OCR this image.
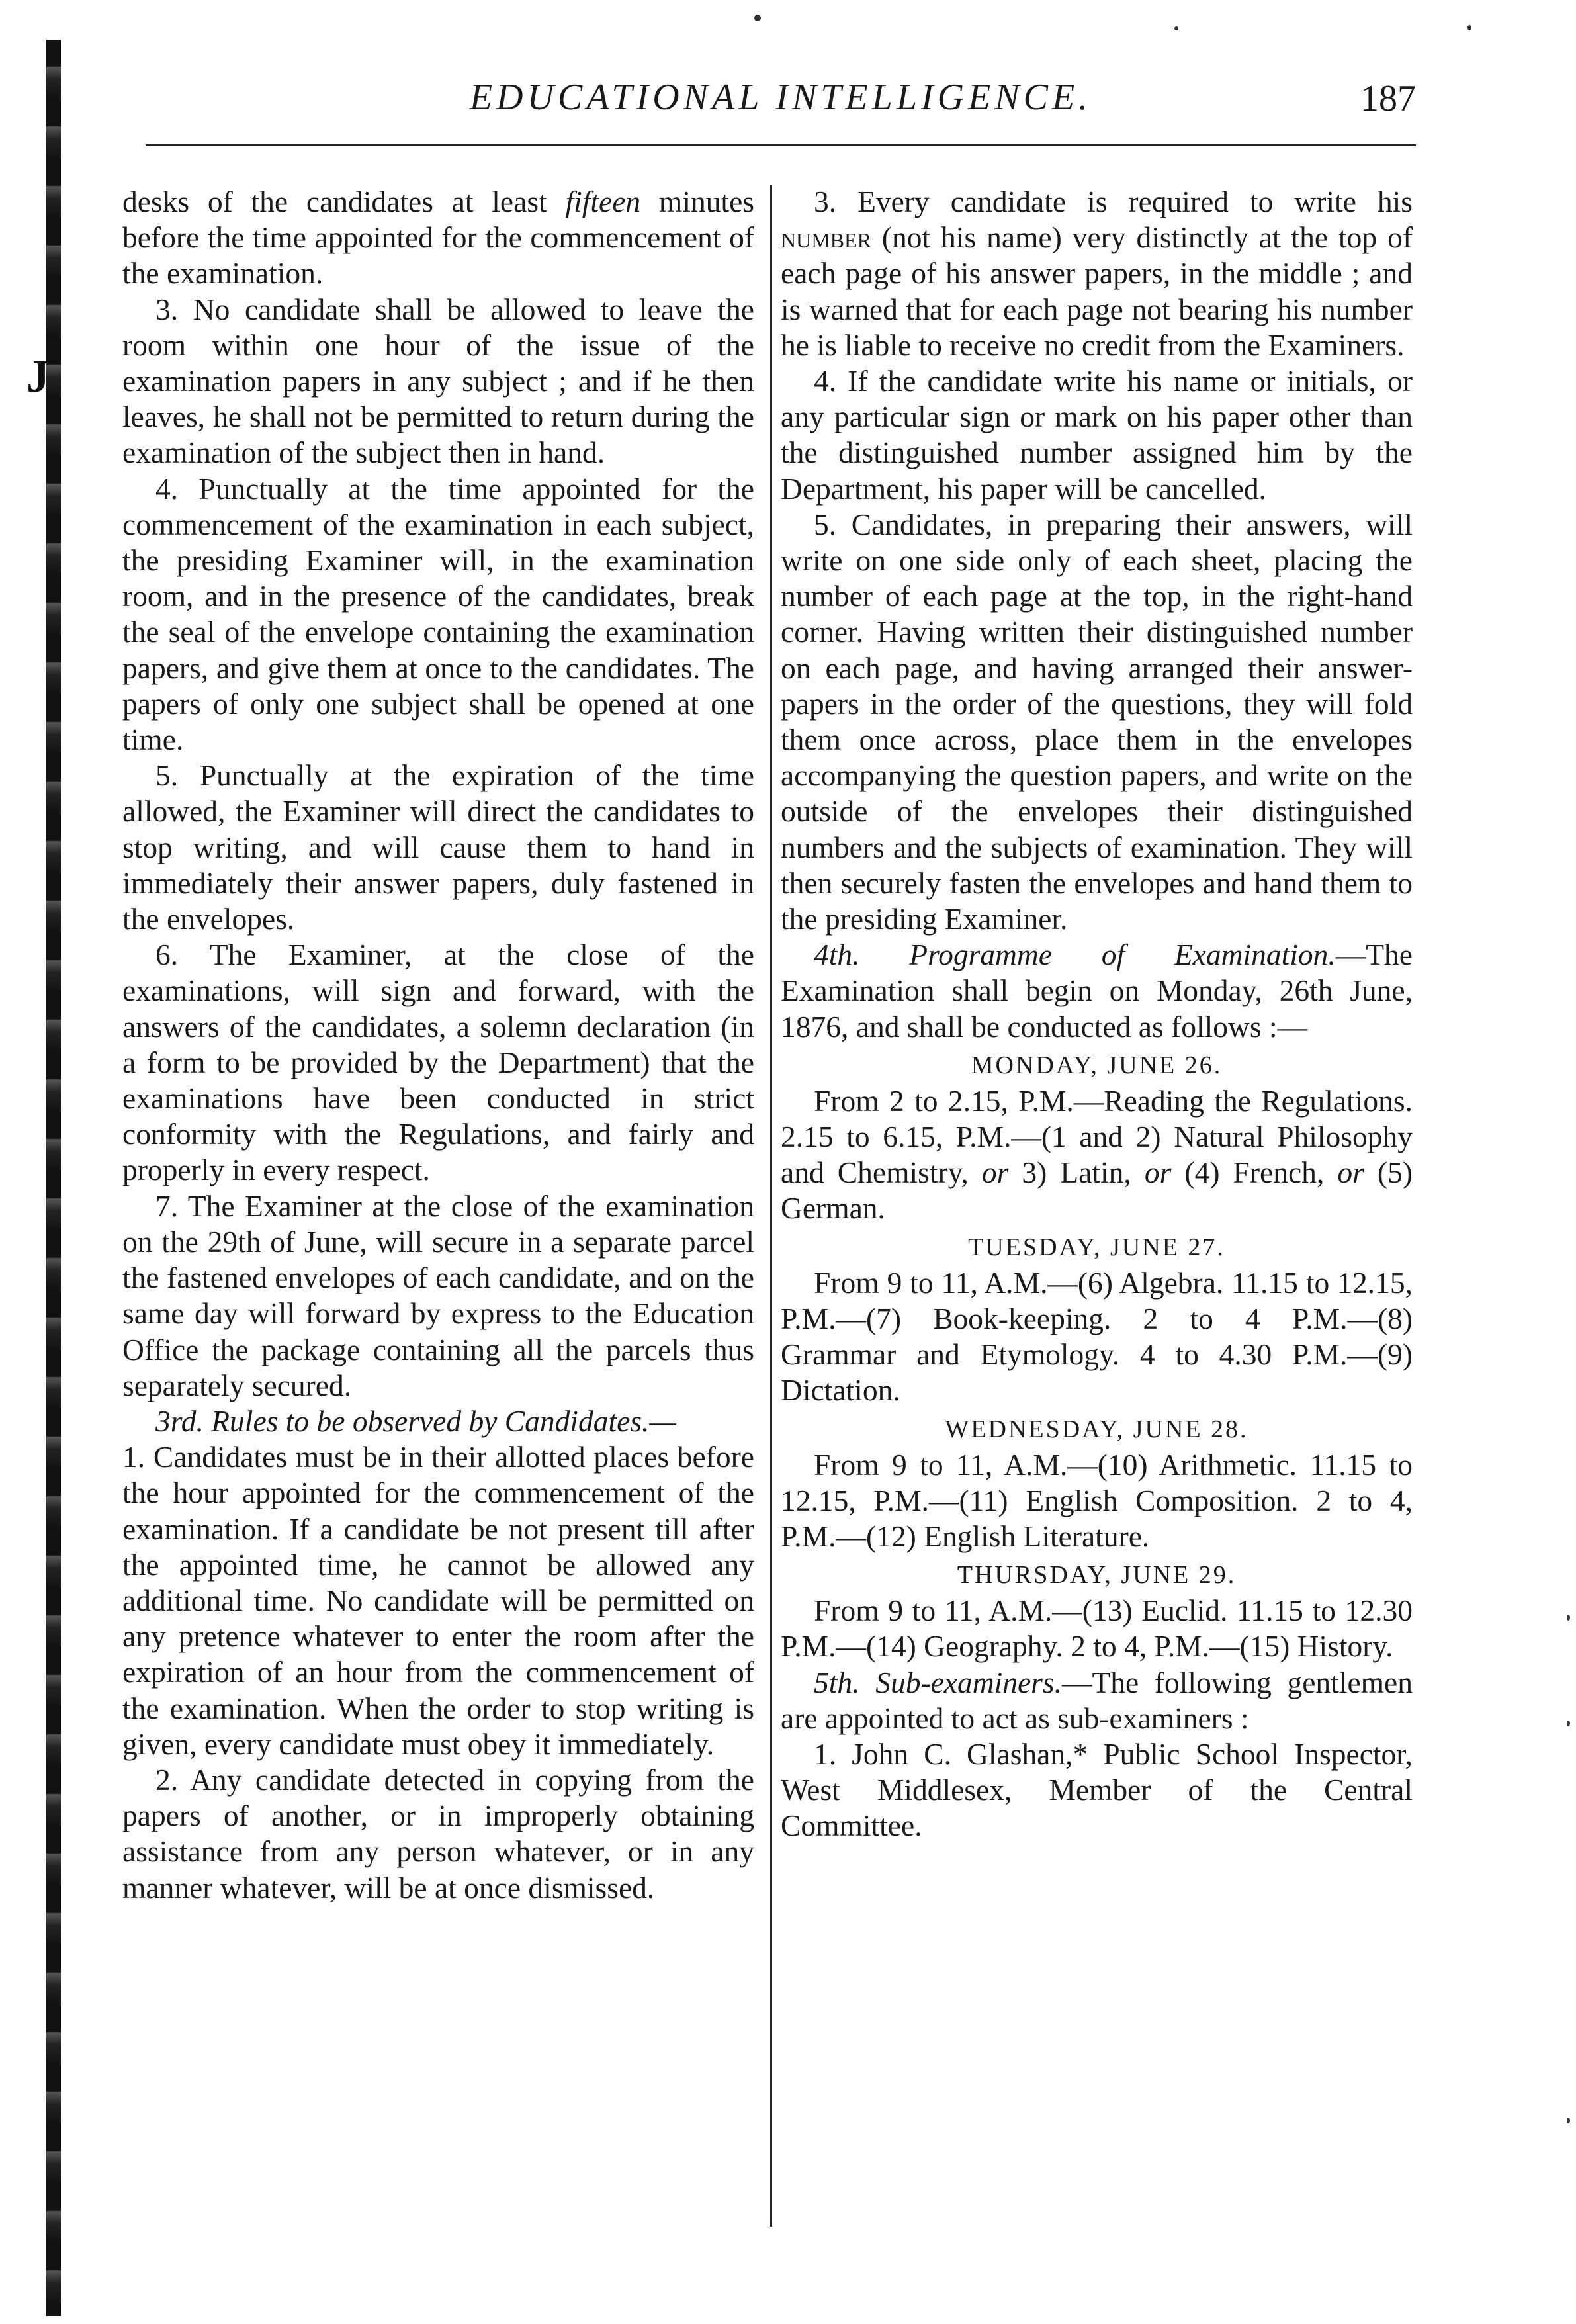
J
EDUCATIONAL INTELLIGENCE.	187

desks of the candidates at least fifteen minutes before the time appointed for the commencement of the examination.

3. No candidate shall be allowed to leave the room within one hour of the issue of the examination papers in any subject ; and if he then leaves, he shall not be permitted to return during the examination of the subject then in hand.

4. Punctually at the time appointed for the commencement of the examination in each subject, the presiding Examiner will, in the examination room, and in the presence of the candidates, break the seal of the envelope containing the examination papers, and give them at once to the candidates. The papers of only one subject shall be opened at one time.

5. Punctually at the expiration of the time allowed, the Examiner will direct the candidates to stop writing, and will cause them to hand in immediately their answer papers, duly fastened in the envelopes.

6. The Examiner, at the close of the examinations, will sign and forward, with the answers of the candidates, a solemn declaration (in a form to be provided by the Department) that the examinations have been conducted in strict conformity with the Regulations, and fairly and properly in every respect.

7. The Examiner at the close of the examination on the 29th of June, will secure in a separate parcel the fastened envelopes of each candidate, and on the same day will forward by express to the Education Office the package containing all the parcels thus separately secured.

3rd. Rules to be observed by Candidates.—
1. Candidates must be in their allotted places before the hour appointed for the commencement of the examination. If a candidate be not present till after the appointed time, he cannot be allowed any additional time. No candidate will be permitted on any pretence whatever to enter the room after the expiration of an hour from the commencement of the examination. When the order to stop writing is given, every candidate must obey it immediately.

2. Any candidate detected in copying from the papers of another, or in improperly obtaining assistance from any person whatever, or in any manner whatever, will be at once dismissed.

3. Every candidate is required to write his number (not his name) very distinctly at the top of each page of his answer papers, in the middle ; and is warned that for each page not bearing his number he is liable to receive no credit from the Examiners.

4. If the candidate write his name or initials, or any particular sign or mark on his paper other than the distinguished number assigned him by the Department, his paper will be cancelled.

5. Candidates, in preparing their answers, will write on one side only of each sheet, placing the number of each page at the top, in the right-hand corner. Having written their distinguished number on each page, and having arranged their answer-papers in the order of the questions, they will fold them once across, place them in the envelopes accompanying the question papers, and write on the outside of the envelopes their distinguished numbers and the subjects of examination. They will then securely fasten the envelopes and hand them to the presiding Examiner.

4th. Programme of Examination.—The Examination shall begin on Monday, 26th June, 1876, and shall be conducted as follows :—

MONDAY, JUNE 26.

From 2 to 2.15, P.M.—Reading the Regulations. 2.15 to 6.15, P.M.—(1 and 2) Natural Philosophy and Chemistry, or 3) Latin, or (4) French, or (5) German.

TUESDAY, JUNE 27.

From 9 to 11, A.M.—(6) Algebra. 11.15 to 12.15, P.M.—(7) Book-keeping. 2 to 4 P.M.—(8) Grammar and Etymology. 4 to 4.30 P.M.—(9) Dictation.

WEDNESDAY, JUNE 28.

From 9 to 11, A.M.—(10) Arithmetic. 11.15 to 12.15, P.M.—(11) English Composition. 2 to 4, P.M.—(12) English Literature.

THURSDAY, JUNE 29.

From 9 to 11, A.M.—(13) Euclid. 11.15 to 12.30 P.M.—(14) Geography. 2 to 4, P.M.—(15) History.

5th. Sub-examiners.—The following gentlemen are appointed to act as sub-examiners :

1. John C. Glashan,* Public School Inspector, West Middlesex, Member of the Central Committee.
